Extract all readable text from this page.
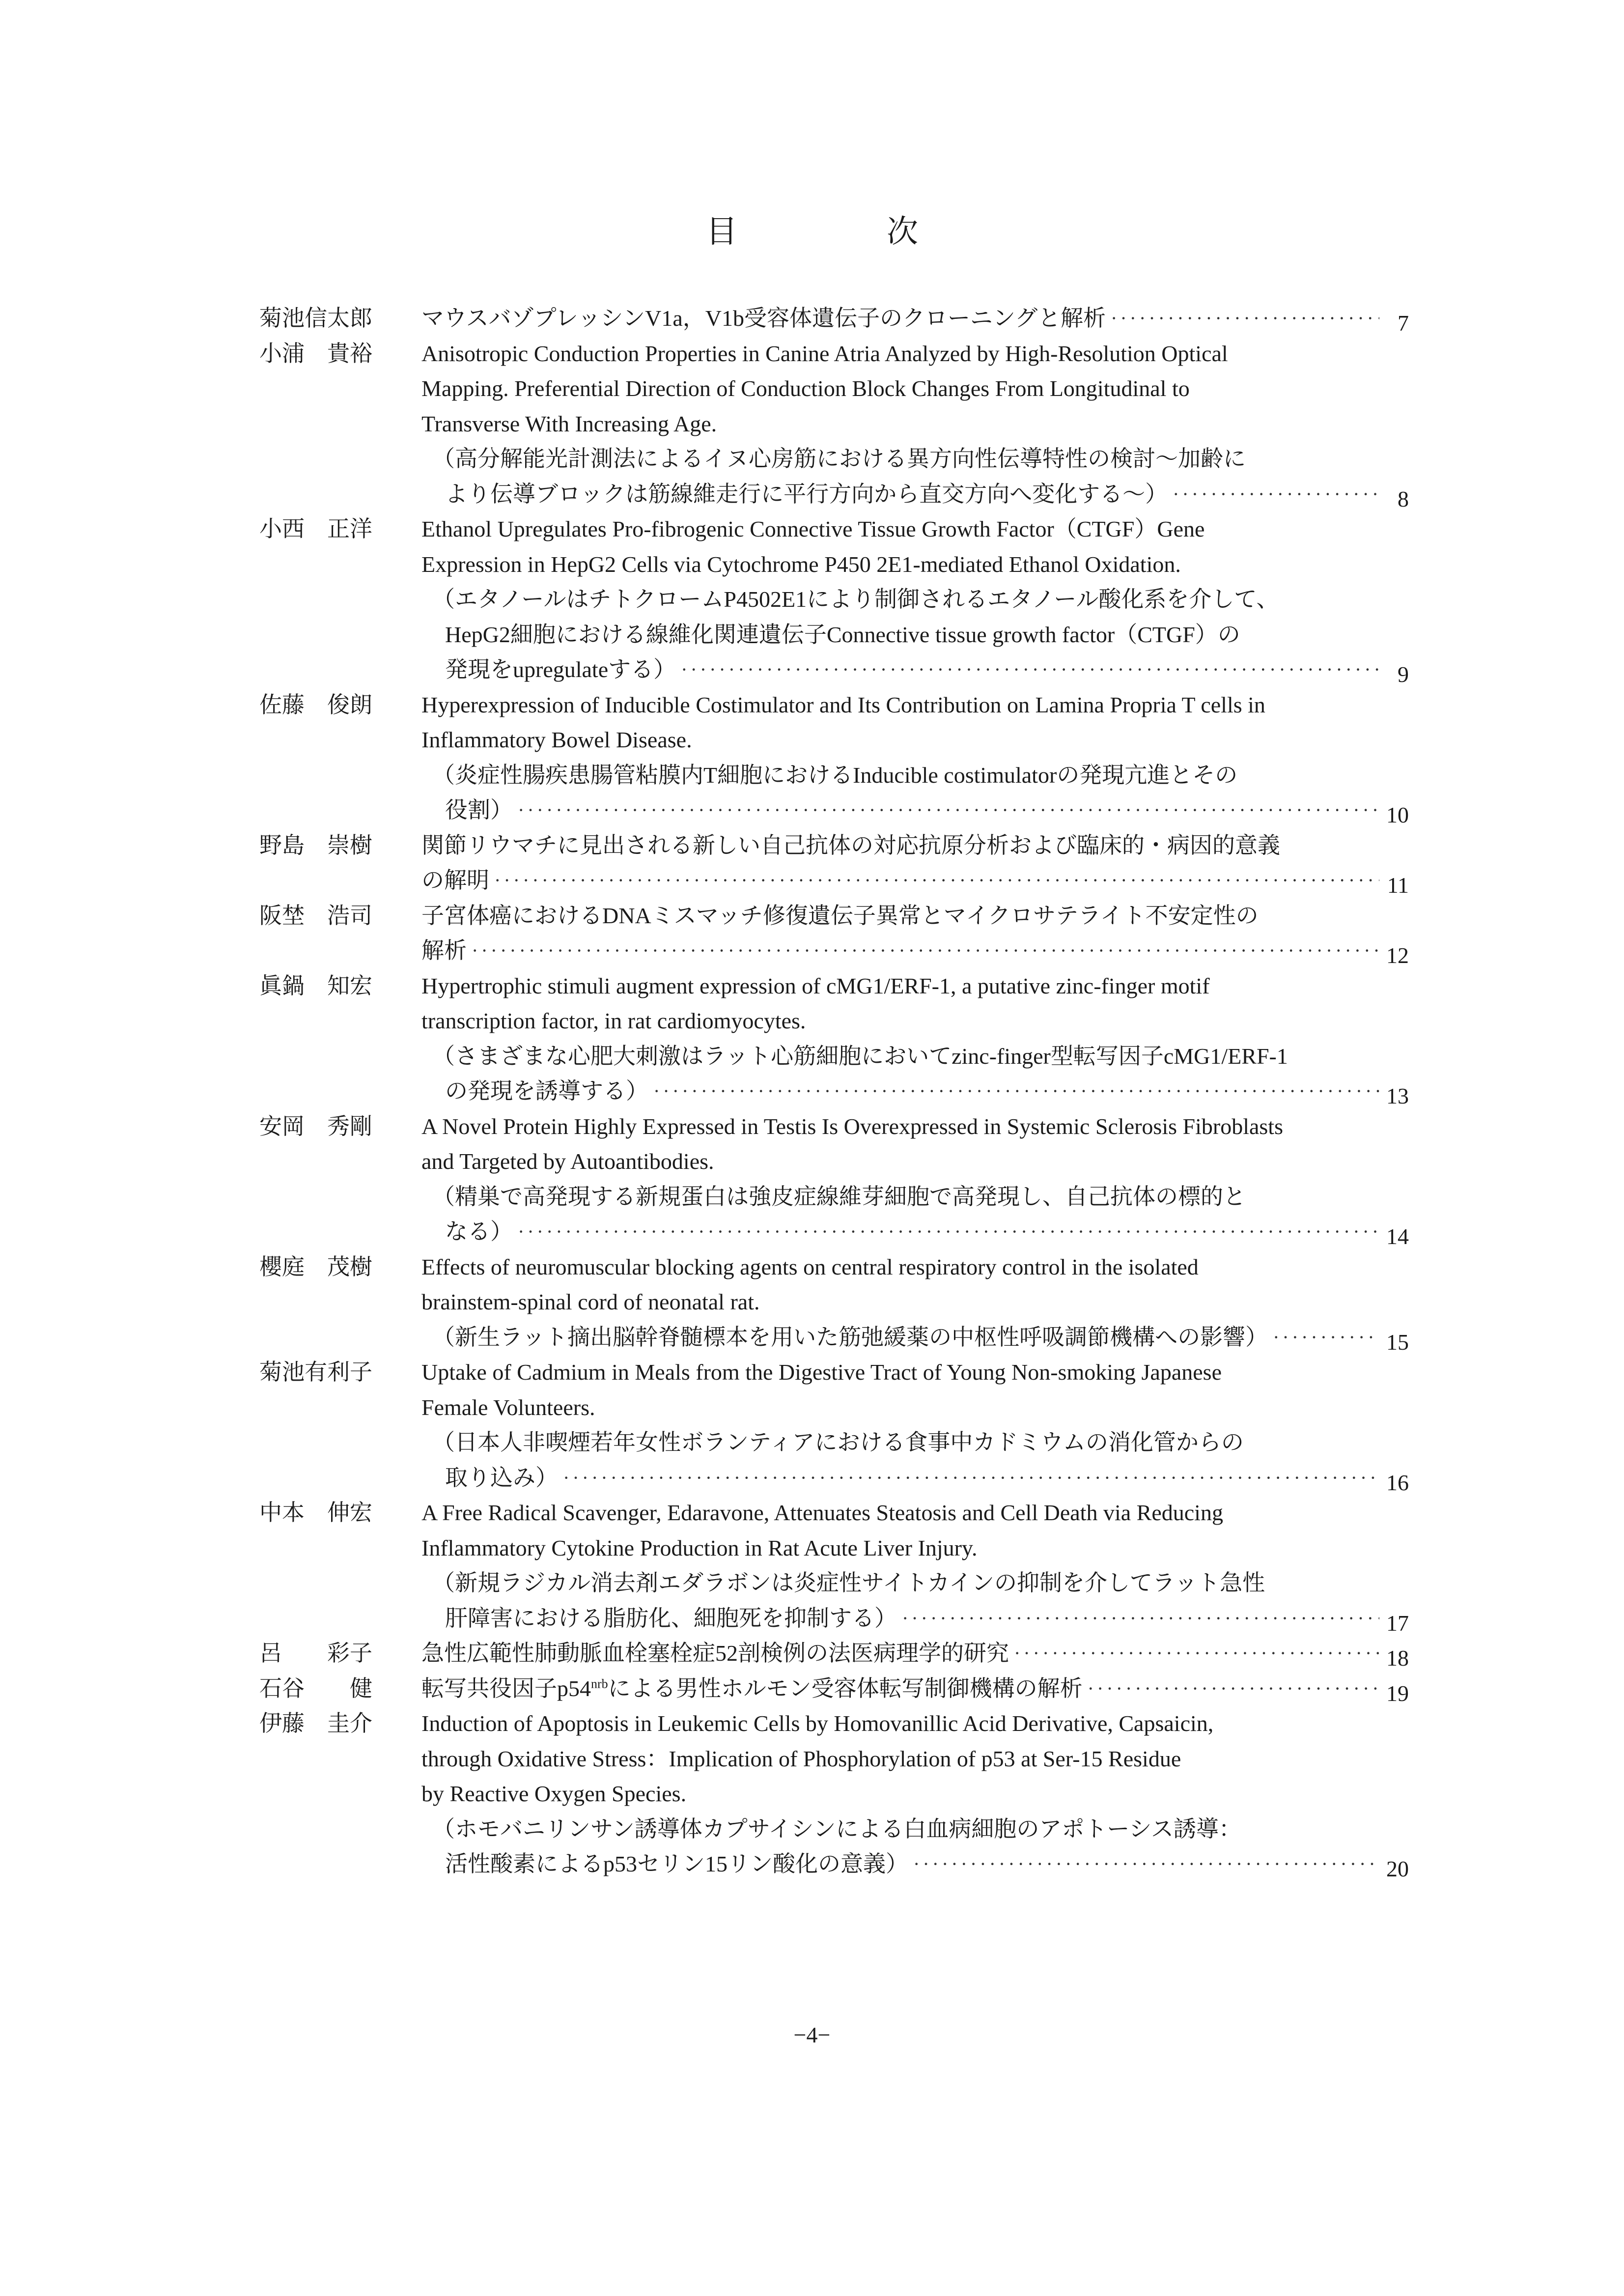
目　次
菊池信太郎	マウスバゾプレッシンV1a，V1b受容体遺伝子のクローニングと解析 ·····	7
小浦　貴裕	Anisotropic Conduction Properties in Canine Atria Analyzed by High-Resolution Optical
Mapping. Preferential Direction of Conduction Block Changes From Longitudinal to
Transverse With Increasing Age.
（高分解能光計測法によるイヌ心房筋における異方向性伝導特性の検討〜加齢に
より伝導ブロックは筋線維走行に平行方向から直交方向へ変化する〜） ·····	8
小西　正洋	Ethanol Upregulates Pro-fibrogenic Connective Tissue Growth Factor（CTGF）Gene
Expression in HepG2 Cells via Cytochrome P450 2E1-mediated Ethanol Oxidation.
（エタノールはチトクロームP4502E1により制御されるエタノール酸化系を介して、
HepG2細胞における線維化関連遺伝子Connective tissue growth factor（CTGF）の
発現をupregulateする） ·····	9
佐藤　俊朗	Hyperexpression of Inducible Costimulator and Its Contribution on Lamina Propria T cells in
Inflammatory Bowel Disease.
（炎症性腸疾患腸管粘膜内T細胞におけるInducible costimulatorの発現亢進とその
役割） ·····	10
野島　崇樹	関節リウマチに見出される新しい自己抗体の対応抗原分析および臨床的・病因的意義
の解明 ·····	11
阪埜　浩司	子宮体癌におけるDNAミスマッチ修復遺伝子異常とマイクロサテライト不安定性の
解析 ·····	12
眞鍋　知宏	Hypertrophic stimuli augment expression of cMG1/ERF-1, a putative zinc-finger motif
transcription factor, in rat cardiomyocytes.
（さまざまな心肥大刺激はラット心筋細胞においてzinc-finger型転写因子cMG1/ERF-1
の発現を誘導する） ·····	13
安岡　秀剛	A Novel Protein Highly Expressed in Testis Is Overexpressed in Systemic Sclerosis Fibroblasts
and Targeted by Autoantibodies.
（精巣で高発現する新規蛋白は強皮症線維芽細胞で高発現し、自己抗体の標的と
なる） ·····	14
櫻庭　茂樹	Effects of neuromuscular blocking agents on central respiratory control in the isolated
brainstem-spinal cord of neonatal rat.
（新生ラット摘出脳幹脊髄標本を用いた筋弛緩薬の中枢性呼吸調節機構への影響） ·····	15
菊池有利子	Uptake of Cadmium in Meals from the Digestive Tract of Young Non-smoking Japanese
Female Volunteers.
（日本人非喫煙若年女性ボランティアにおける食事中カドミウムの消化管からの
取り込み） ·····	16
中本　伸宏	A Free Radical Scavenger, Edaravone, Attenuates Steatosis and Cell Death via Reducing
Inflammatory Cytokine Production in Rat Acute Liver Injury.
（新規ラジカル消去剤エダラボンは炎症性サイトカインの抑制を介してラット急性
肝障害における脂肪化、細胞死を抑制する） ·····	17
呂　　彩子	急性広範性肺動脈血栓塞栓症52剖検例の法医病理学的研究 ·····	18
石谷　　健	転写共役因子$p54^{nrb}$による男性ホルモン受容体転写制御機構の解析 ·····	19
伊藤　圭介	Induction of Apoptosis in Leukemic Cells by Homovanillic Acid Derivative, Capsaicin,
through Oxidative Stress：Implication of Phosphorylation of p53 at Ser-15 Residue
by Reactive Oxygen Species.
（ホモバニリンサン誘導体カプサイシンによる白血病細胞のアポトーシス誘導：
活性酸素によるp53セリン15リン酸化の意義） ·····	20
−4−
